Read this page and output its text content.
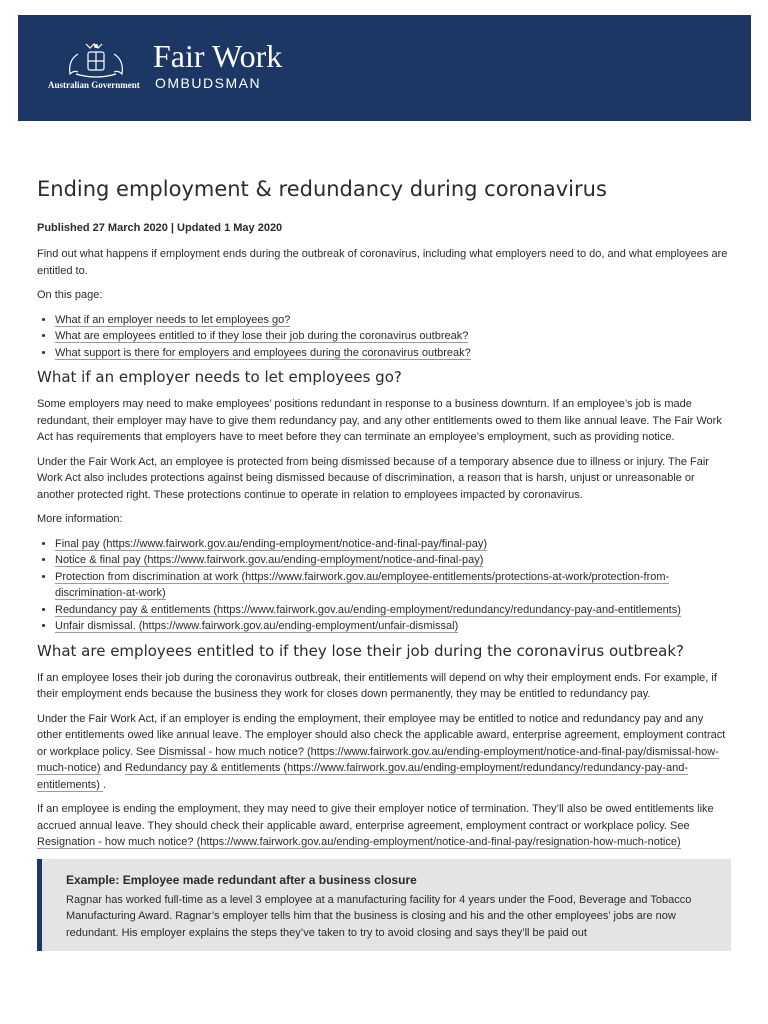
Australian Government
Fair Work
OMBUDSMAN
Ending employment & redundancy during coronavirus
Published 27 March 2020 | Updated 1 May 2020

Find out what happens if employment ends during the outbreak of coronavirus, including what employers need to do, and what employees are entitled to.

On this page:

• What if an employer needs to let employees go?
• What are employees entitled to if they lose their job during the coronavirus outbreak?
• What support is there for employers and employees during the coronavirus outbreak?
What if an employer needs to let employees go?

Some employers may need to make employees’ positions redundant in response to a business downturn. If an employee’s job is made redundant, their employer may have to give them redundancy pay, and any other entitlements owed to them like annual leave. The Fair Work Act has requirements that employers have to meet before they can terminate an employee’s employment, such as providing notice.

Under the Fair Work Act, an employee is protected from being dismissed because of a temporary absence due to illness or injury. The Fair Work Act also includes protections against being dismissed because of discrimination, a reason that is harsh, unjust or unreasonable or another protected right. These protections continue to operate in relation to employees impacted by coronavirus.

More information:

• Final pay (https://www.fairwork.gov.au/ending-employment/notice-and-final-pay/final-pay)
• Notice & final pay (https://www.fairwork.gov.au/ending-employment/notice-and-final-pay)
• Protection from discrimination at work (https://www.fairwork.gov.au/employee-entitlements/protections-at-work/protection-from-discrimination-at-work)
• Redundancy pay & entitlements (https://www.fairwork.gov.au/ending-employment/redundancy/redundancy-pay-and-entitlements)
• Unfair dismissal. (https://www.fairwork.gov.au/ending-employment/unfair-dismissal)
What are employees entitled to if they lose their job during the coronavirus outbreak?

If an employee loses their job during the coronavirus outbreak, their entitlements will depend on why their employment ends. For example, if their employment ends because the business they work for closes down permanently, they may be entitled to redundancy pay.

Under the Fair Work Act, if an employer is ending the employment, their employee may be entitled to notice and redundancy pay and any other entitlements owed like annual leave. The employer should also check the applicable award, enterprise agreement, employment contract or workplace policy. See Dismissal - how much notice? (https://www.fairwork.gov.au/ending-employment/notice-and-final-pay/dismissal-how-much-notice) and Redundancy pay & entitlements (https://www.fairwork.gov.au/ending-employment/redundancy/redundancy-pay-and-entitlements) .

If an employee is ending the employment, they may need to give their employer notice of termination. They’ll also be owed entitlements like accrued annual leave. They should check their applicable award, enterprise agreement, employment contract or workplace policy. See Resignation - how much notice? (https://www.fairwork.gov.au/ending-employment/notice-and-final-pay/resignation-how-much-notice)

Example: Employee made redundant after a business closure

Ragnar has worked full-time as a level 3 employee at a manufacturing facility for 4 years under the Food, Beverage and Tobacco Manufacturing Award. Ragnar’s employer tells him that the business is closing and his and the other employees’ jobs are now redundant. His employer explains the steps they’ve taken to try to avoid closing and says they’ll be paid out
